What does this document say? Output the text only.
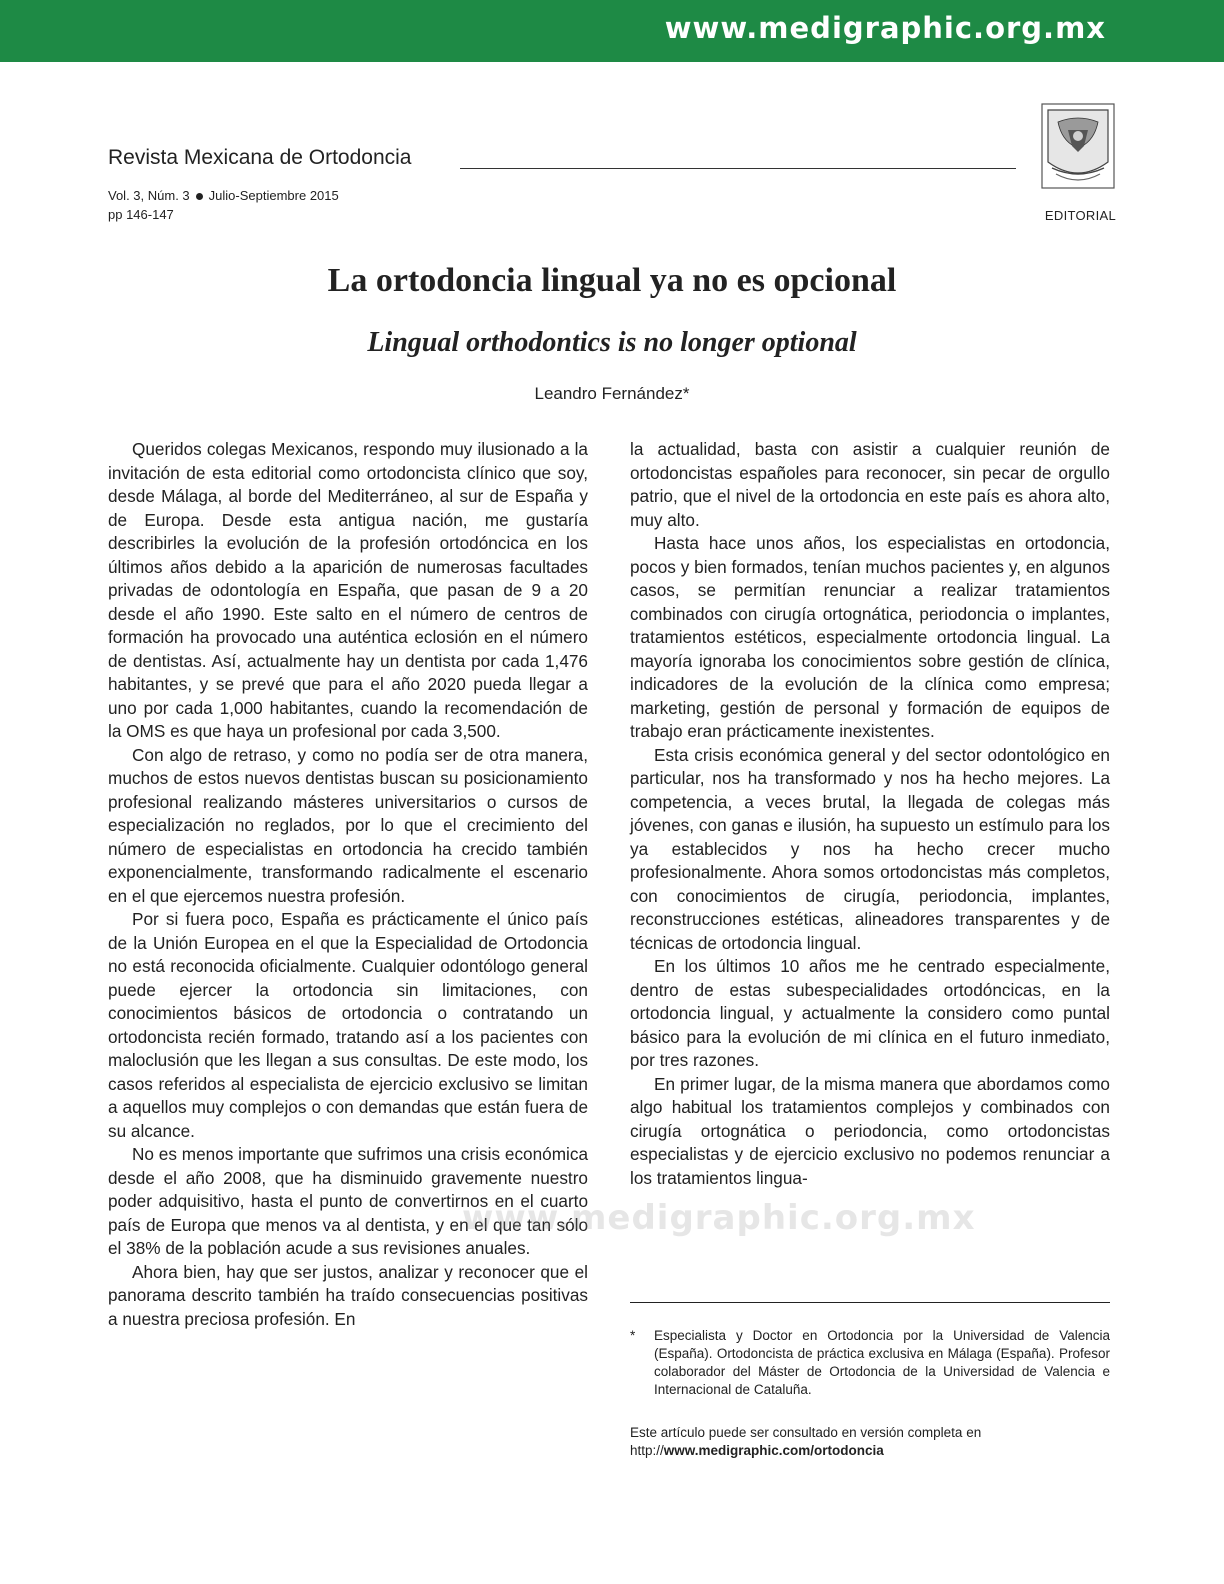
www.medigraphic.org.mx
Revista Mexicana de Ortodoncia
Vol. 3, Núm. 3 Julio-Septiembre 2015
pp 146-147	EDITORIAL
La ortodoncia lingual ya no es opcional
Lingual orthodontics is no longer optional
Leandro Fernández*

Queridos colegas Mexicanos, respondo muy ilusionado a la invitación de esta editorial como ortodoncista clínico que soy, desde Málaga, al borde del Mediterráneo, al sur de España y de Europa. Desde esta antigua nación, me gustaría describirles la evolución de la profesión ortodóncica en los últimos años debido a la aparición de numerosas facultades privadas de odontología en España, que pasan de 9 a 20 desde el año 1990. Este salto en el número de centros de formación ha provocado una auténtica eclosión en el número de dentistas. Así, actualmente hay un dentista por cada 1,476 habitantes, y se prevé que para el año 2020 pueda llegar a uno por cada 1,000 habitantes, cuando la recomendación de la OMS es que haya un profesional por cada 3,500.

Con algo de retraso, y como no podía ser de otra manera, muchos de estos nuevos dentistas buscan su posicionamiento profesional realizando másteres universitarios o cursos de especialización no reglados, por lo que el crecimiento del número de especialistas en ortodoncia ha crecido también exponencialmente, transformando radicalmente el escenario en el que ejercemos nuestra profesión.

Por si fuera poco, España es prácticamente el único país de la Unión Europea en el que la Especialidad de Ortodoncia no está reconocida oficialmente. Cualquier odontólogo general puede ejercer la ortodoncia sin limitaciones, con conocimientos básicos de ortodoncia o contratando un ortodoncista recién formado, tratando así a los pacientes con maloclusión que les llegan a sus consultas. De este modo, los casos referidos al especialista de ejercicio exclusivo se limitan a aquellos muy complejos o con demandas que están fuera de su alcance.

No es menos importante que sufrimos una crisis económica desde el año 2008, que ha disminuido gravemente nuestro poder adquisitivo, hasta el punto de convertirnos en el cuarto país de Europa que menos va al dentista, y en el que tan sólo el 38% de la población acude a sus revisiones anuales.

Ahora bien, hay que ser justos, analizar y reconocer que el panorama descrito también ha traído consecuencias positivas a nuestra preciosa profesión. En

la actualidad, basta con asistir a cualquier reunión de ortodoncistas españoles para reconocer, sin pecar de orgullo patrio, que el nivel de la ortodoncia en este país es ahora alto, muy alto.

Hasta hace unos años, los especialistas en ortodoncia, pocos y bien formados, tenían muchos pacientes y, en algunos casos, se permitían renunciar a realizar tratamientos combinados con cirugía ortognática, periodoncia o implantes, tratamientos estéticos, especialmente ortodoncia lingual. La mayoría ignoraba los conocimientos sobre gestión de clínica, indicadores de la evolución de la clínica como empresa; marketing, gestión de personal y formación de equipos de trabajo eran prácticamente inexistentes.

Esta crisis económica general y del sector odontológico en particular, nos ha transformado y nos ha hecho mejores. La competencia, a veces brutal, la llegada de colegas más jóvenes, con ganas e ilusión, ha supuesto un estímulo para los ya establecidos y nos ha hecho crecer mucho profesionalmente. Ahora somos ortodoncistas más completos, con conocimientos de cirugía, periodoncia, implantes, reconstrucciones estéticas, alineadores transparentes y de técnicas de ortodoncia lingual.

En los últimos 10 años me he centrado especialmente, dentro de estas subespecialidades ortodóncicas, en la ortodoncia lingual, y actualmente la considero como puntal básico para la evolución de mi clínica en el futuro inmediato, por tres razones.

En primer lugar, de la misma manera que abordamos como algo habitual los tratamientos complejos y combinados con cirugía ortognática o periodoncia, como ortodoncistas especialistas y de ejercicio exclusivo no podemos renunciar a los tratamientos lingua-

www.medigraphic.org.mx
* Especialista y Doctor en Ortodoncia por la Universidad de Valencia (España). Ortodoncista de práctica exclusiva en Málaga (España). Profesor colaborador del Máster de Ortodoncia de la Universidad de Valencia e Internacional de Cataluña.
Este artículo puede ser consultado en versión completa en
http://www.medigraphic.com/ortodoncia
